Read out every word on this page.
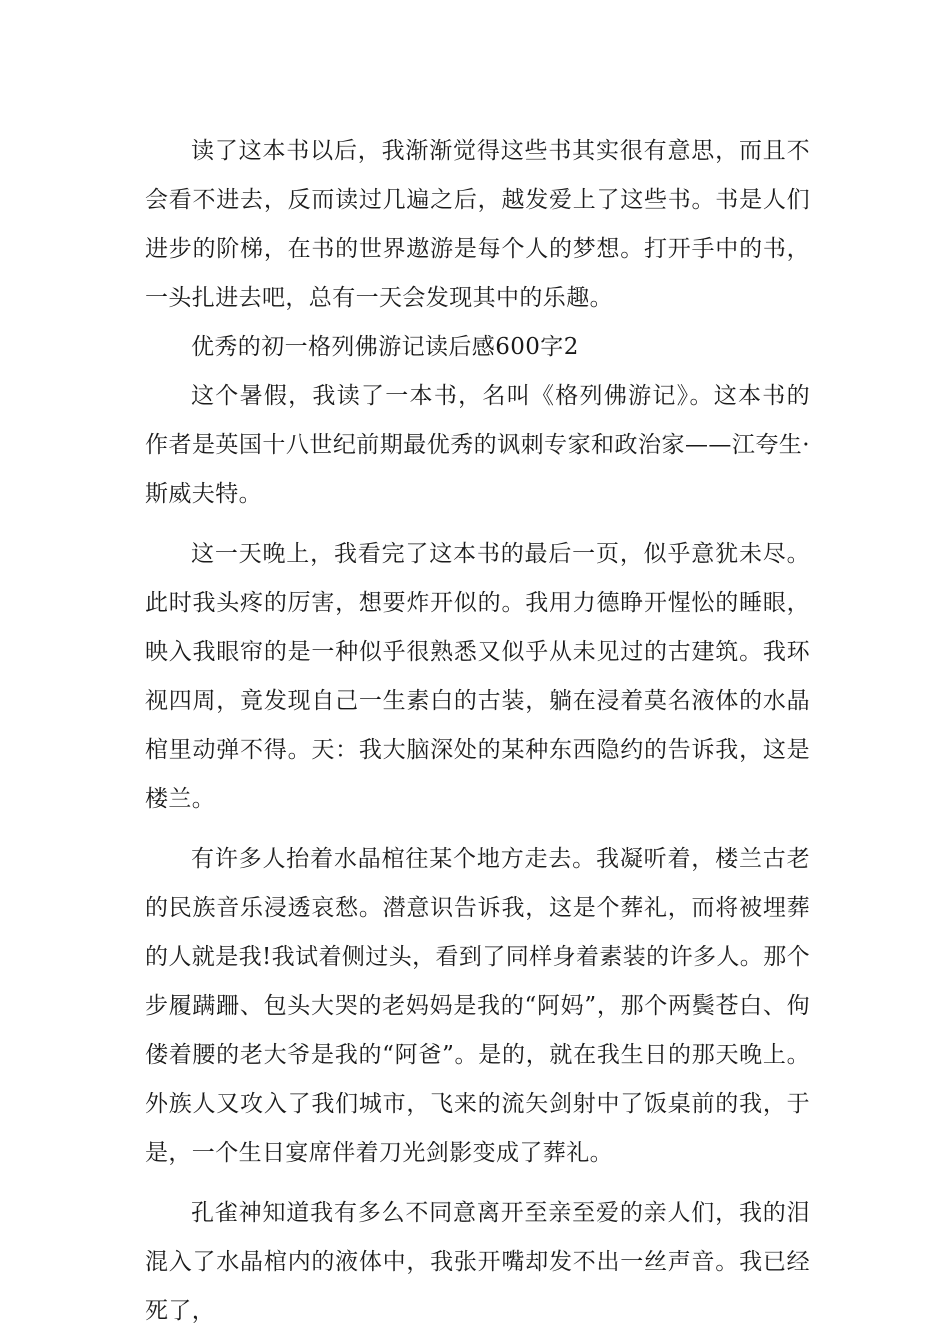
读了这本书以后，我渐渐觉得这些书其实很有意思，而且不会看不进去，反而读过几遍之后，越发爱上了这些书。书是人们进步的阶梯，在书的世界遨游是每个人的梦想。打开手中的书，一头扎进去吧，总有一天会发现其中的乐趣。

优秀的初一格列佛游记读后感600字2

这个暑假，我读了一本书，名叫《格列佛游记》。这本书的作者是英国十八世纪前期最优秀的讽刺专家和政治家——江夸生·斯威夫特。

这一天晚上，我看完了这本书的最后一页，似乎意犹未尽。此时我头疼的厉害，想要炸开似的。我用力德睁开惺忪的睡眼，映入我眼帘的是一种似乎很熟悉又似乎从未见过的古建筑。我环视四周，竟发现自己一生素白的古装，躺在浸着莫名液体的水晶棺里动弹不得。天：我大脑深处的某种东西隐约的告诉我，这是楼兰。

有许多人抬着水晶棺往某个地方走去。我凝听着，楼兰古老的民族音乐浸透哀愁。潜意识告诉我，这是个葬礼，而将被埋葬的人就是我!我试着侧过头，看到了同样身着素装的许多人。那个步履蹒跚、包头大哭的老妈妈是我的“阿妈”，那个两鬓苍白、佝偻着腰的老大爷是我的“阿爸”。是的，就在我生日的那天晚上。外族人又攻入了我们城市，飞来的流矢剑射中了饭桌前的我，于是，一个生日宴席伴着刀光剑影变成了葬礼。

孔雀神知道我有多么不同意离开至亲至爱的亲人们，我的泪混入了水晶棺内的液体中，我张开嘴却发不出一丝声音。我已经死了，
